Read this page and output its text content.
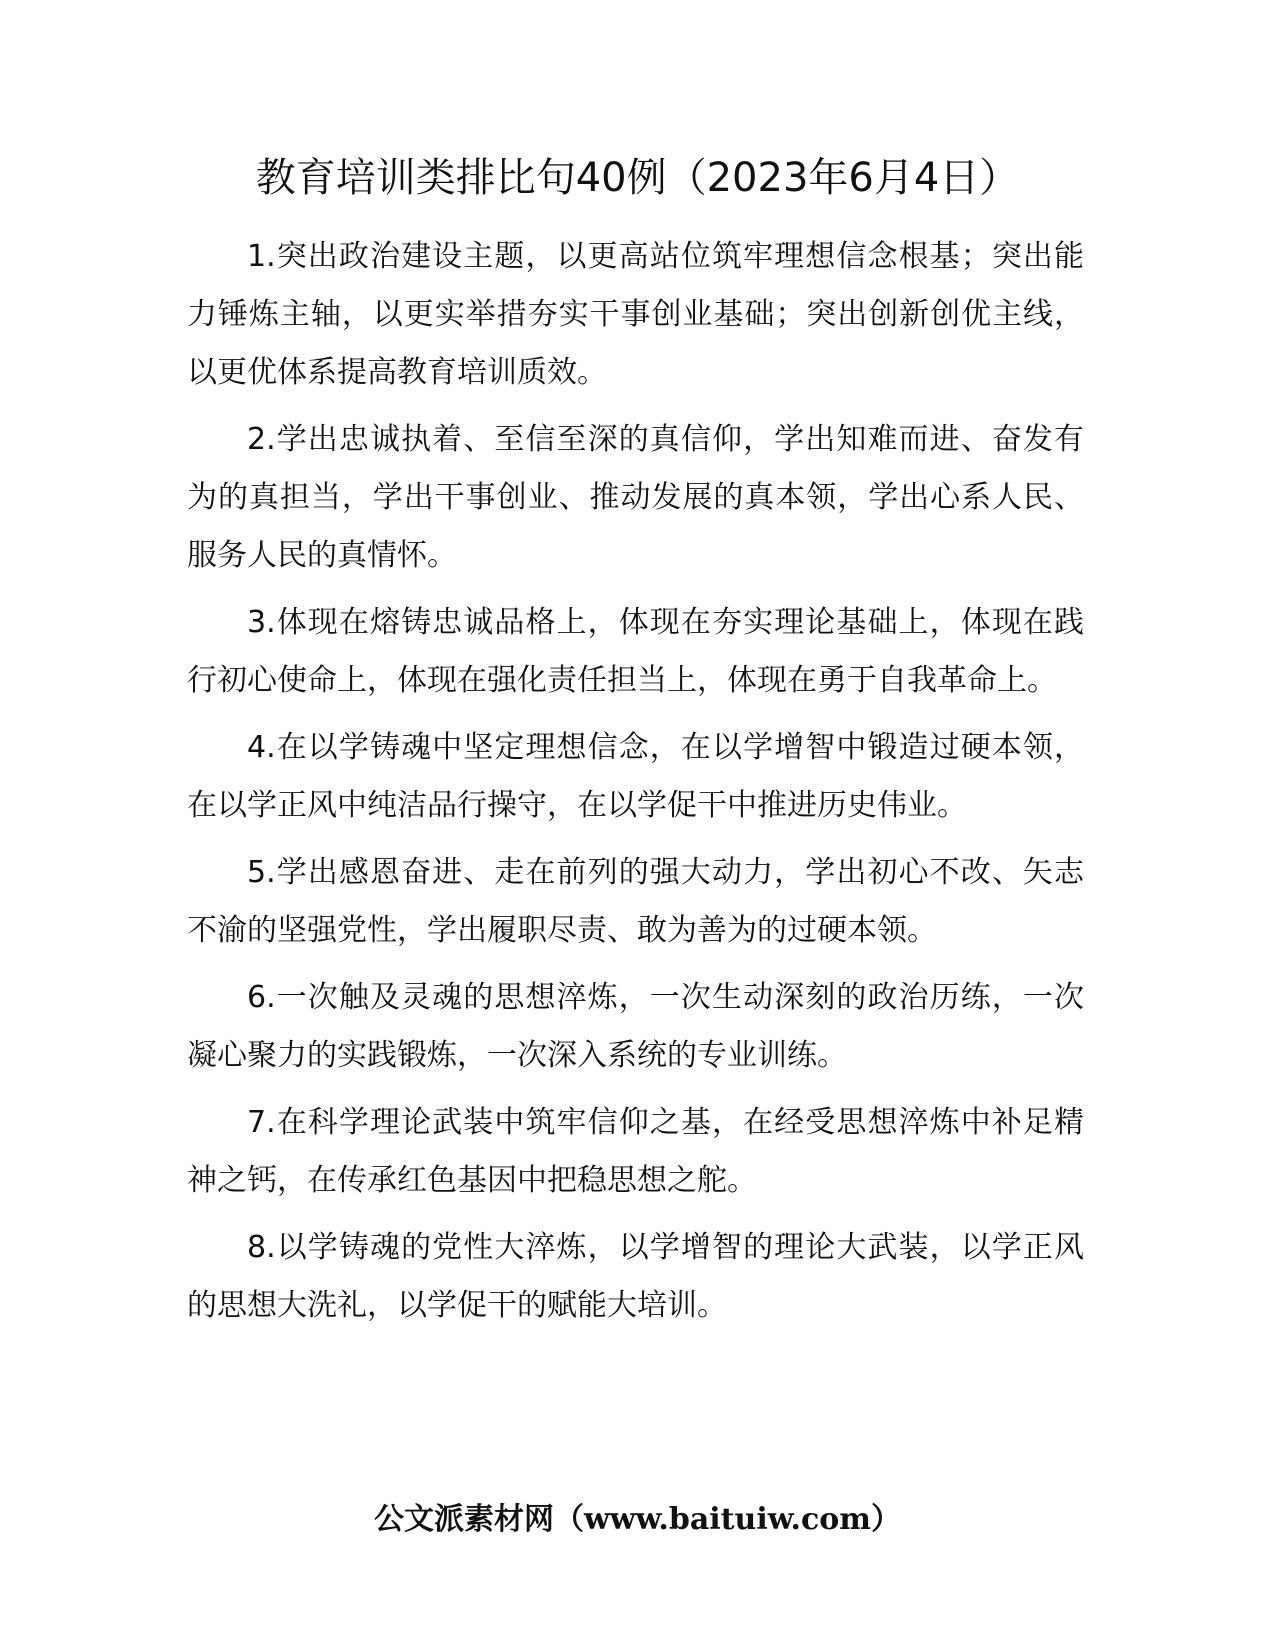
教育培训类排比句40例（2023年6月4日）

1.突出政治建设主题，以更高站位筑牢理想信念根基；突出能力锤炼主轴，以更实举措夯实干事创业基础；突出创新创优主线，以更优体系提高教育培训质效。

2.学出忠诚执着、至信至深的真信仰，学出知难而进、奋发有为的真担当，学出干事创业、推动发展的真本领，学出心系人民、服务人民的真情怀。

3.体现在熔铸忠诚品格上，体现在夯实理论基础上，体现在践行初心使命上，体现在强化责任担当上，体现在勇于自我革命上。

4.在以学铸魂中坚定理想信念，在以学增智中锻造过硬本领，在以学正风中纯洁品行操守，在以学促干中推进历史伟业。

5.学出感恩奋进、走在前列的强大动力，学出初心不改、矢志不渝的坚强党性，学出履职尽责、敢为善为的过硬本领。

6.一次触及灵魂的思想淬炼，一次生动深刻的政治历练，一次凝心聚力的实践锻炼，一次深入系统的专业训练。

7.在科学理论武装中筑牢信仰之基，在经受思想淬炼中补足精神之钙，在传承红色基因中把稳思想之舵。

8.以学铸魂的党性大淬炼，以学增智的理论大武装，以学正风的思想大洗礼，以学促干的赋能大培训。

公文派素材网（www.baituiw.com）
